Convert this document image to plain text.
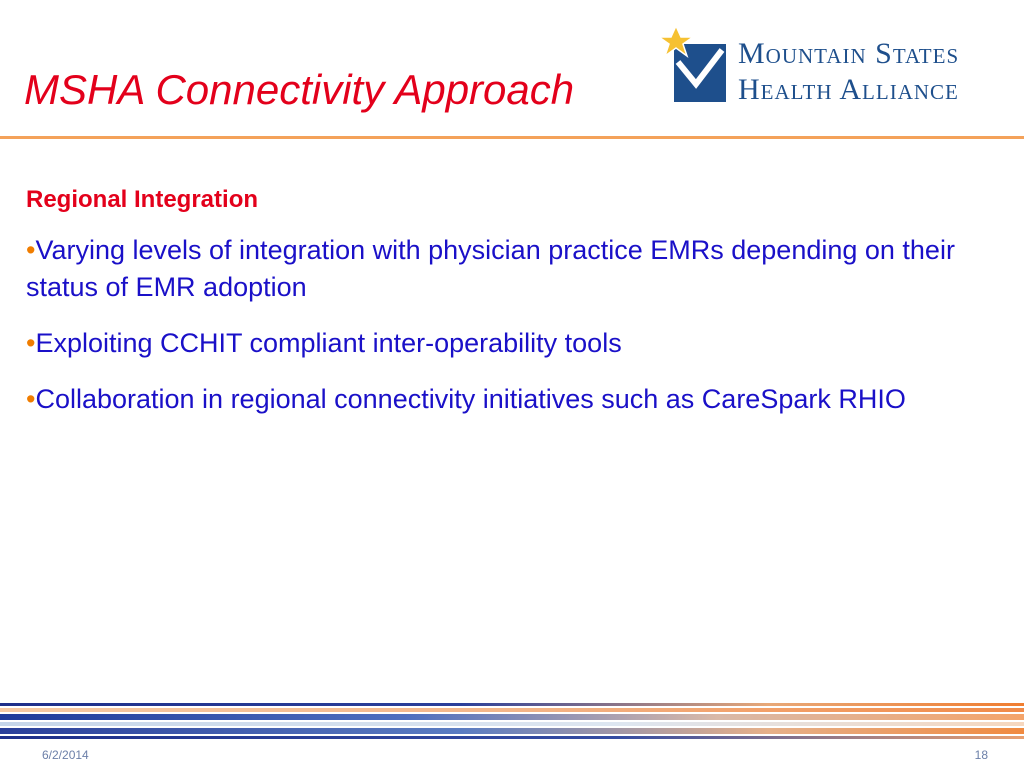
MSHA Connectivity Approach
Mountain States
Health Alliance
Regional Integration
•Varying levels of integration with physician practice EMRs depending on their status of EMR adoption
•Exploiting CCHIT compliant inter-operability tools
•Collaboration in regional connectivity initiatives such as CareSpark RHIO
6/2/2014	18
